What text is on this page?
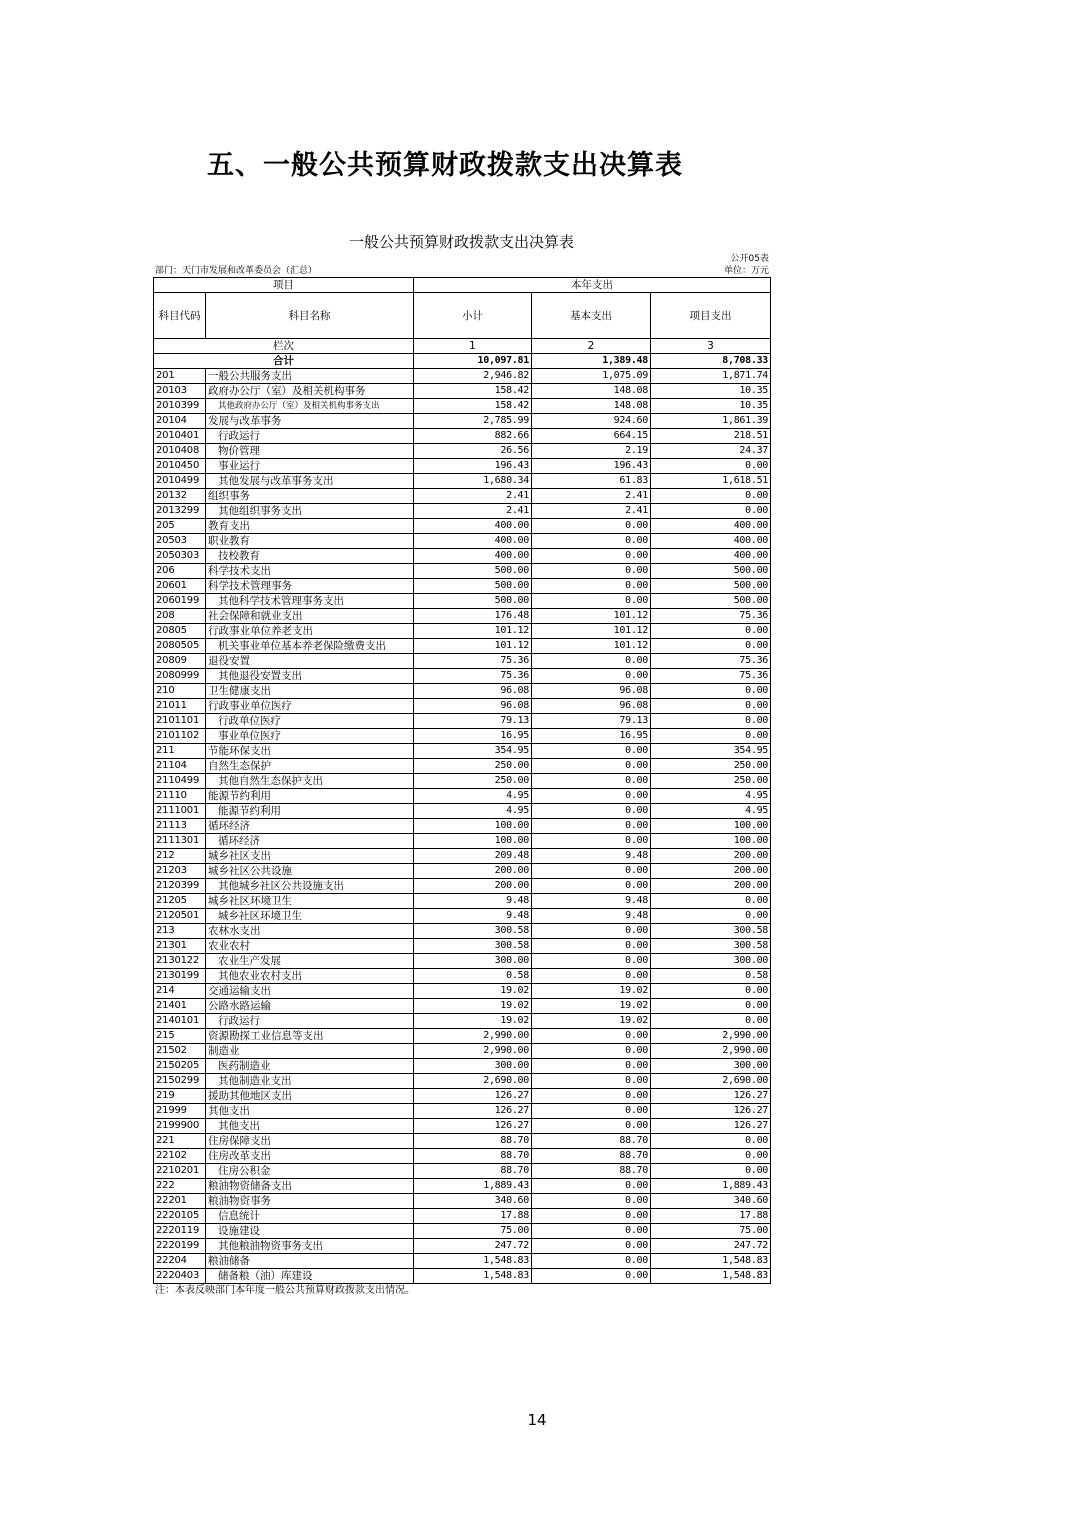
五、一般公共预算财政拨款支出决算表
一般公共预算财政拨款支出决算表
公开05表
部门：天门市发展和改革委员会（汇总）	单位：万元
项目		本年支出		
科目代码	科目名称	小计	基本支出	项目支出
栏次		1	2	3
合计		10,097.81	1,389.48	8,708.33
201	一般公共服务支出	2,946.82	1,075.09	1,871.74
20103	政府办公厅（室）及相关机构事务	158.42	148.08	10.35
2010399	其他政府办公厅（室）及相关机构事务支出	158.42	148.08	10.35
20104	发展与改革事务	2,785.99	924.60	1,861.39
2010401	行政运行	882.66	664.15	218.51
2010408	物价管理	26.56	2.19	24.37
2010450	事业运行	196.43	196.43	0.00
2010499	其他发展与改革事务支出	1,680.34	61.83	1,618.51
20132	组织事务	2.41	2.41	0.00
2013299	其他组织事务支出	2.41	2.41	0.00
205	教育支出	400.00	0.00	400.00
20503	职业教育	400.00	0.00	400.00
2050303	技校教育	400.00	0.00	400.00
206	科学技术支出	500.00	0.00	500.00
20601	科学技术管理事务	500.00	0.00	500.00
2060199	其他科学技术管理事务支出	500.00	0.00	500.00
208	社会保障和就业支出	176.48	101.12	75.36
20805	行政事业单位养老支出	101.12	101.12	0.00
2080505	机关事业单位基本养老保险缴费支出	101.12	101.12	0.00
20809	退役安置	75.36	0.00	75.36
2080999	其他退役安置支出	75.36	0.00	75.36
210	卫生健康支出	96.08	96.08	0.00
21011	行政事业单位医疗	96.08	96.08	0.00
2101101	行政单位医疗	79.13	79.13	0.00
2101102	事业单位医疗	16.95	16.95	0.00
211	节能环保支出	354.95	0.00	354.95
21104	自然生态保护	250.00	0.00	250.00
2110499	其他自然生态保护支出	250.00	0.00	250.00
21110	能源节约利用	4.95	0.00	4.95
2111001	能源节约利用	4.95	0.00	4.95
21113	循环经济	100.00	0.00	100.00
2111301	循环经济	100.00	0.00	100.00
212	城乡社区支出	209.48	9.48	200.00
21203	城乡社区公共设施	200.00	0.00	200.00
2120399	其他城乡社区公共设施支出	200.00	0.00	200.00
21205	城乡社区环境卫生	9.48	9.48	0.00
2120501	城乡社区环境卫生	9.48	9.48	0.00
213	农林水支出	300.58	0.00	300.58
21301	农业农村	300.58	0.00	300.58
2130122	农业生产发展	300.00	0.00	300.00
2130199	其他农业农村支出	0.58	0.00	0.58
214	交通运输支出	19.02	19.02	0.00
21401	公路水路运输	19.02	19.02	0.00
2140101	行政运行	19.02	19.02	0.00
215	资源勘探工业信息等支出	2,990.00	0.00	2,990.00
21502	制造业	2,990.00	0.00	2,990.00
2150205	医药制造业	300.00	0.00	300.00
2150299	其他制造业支出	2,690.00	0.00	2,690.00
219	援助其他地区支出	126.27	0.00	126.27
21999	其他支出	126.27	0.00	126.27
2199900	其他支出	126.27	0.00	126.27
221	住房保障支出	88.70	88.70	0.00
22102	住房改革支出	88.70	88.70	0.00
2210201	住房公积金	88.70	88.70	0.00
222	粮油物资储备支出	1,889.43	0.00	1,889.43
22201	粮油物资事务	340.60	0.00	340.60
2220105	信息统计	17.88	0.00	17.88
2220119	设施建设	75.00	0.00	75.00
2220199	其他粮油物资事务支出	247.72	0.00	247.72
22204	粮油储备	1,548.83	0.00	1,548.83
2220403	储备粮（油）库建设	1,548.83	0.00	1,548.83
注：本表反映部门本年度一般公共预算财政拨款支出情况。
14
